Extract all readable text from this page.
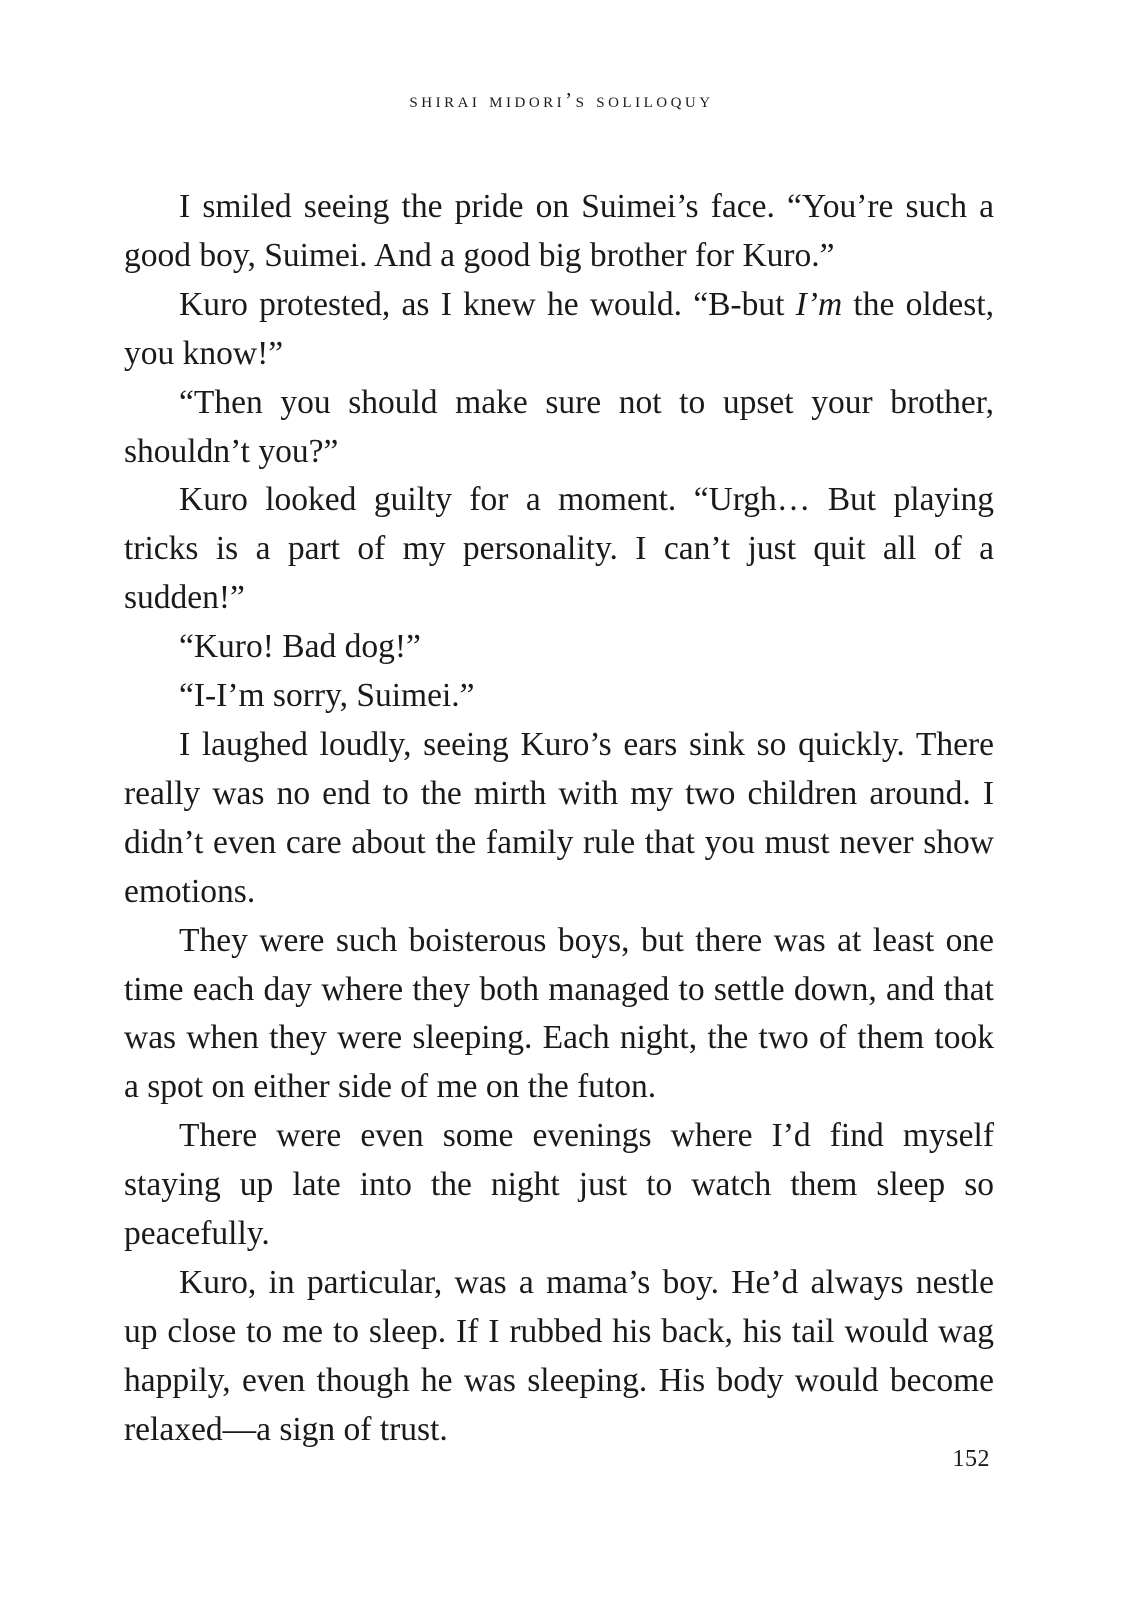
shirai midori’s soliloquy

I smiled seeing the pride on Suimei’s face. “You’re such a good boy, Suimei. And a good big brother for Kuro.”

Kuro protested, as I knew he would. “B-but I’m the oldest, you know!”

“Then you should make sure not to upset your brother, shouldn’t you?”

Kuro looked guilty for a moment. “Urgh… But playing tricks is a part of my personality. I can’t just quit all of a sudden!”

“Kuro! Bad dog!”

“I-I’m sorry, Suimei.”

I laughed loudly, seeing Kuro’s ears sink so quickly. There really was no end to the mirth with my two children around. I didn’t even care about the family rule that you must never show emotions.

They were such boisterous boys, but there was at least one time each day where they both managed to settle down, and that was when they were sleeping. Each night, the two of them took a spot on either side of me on the futon.

There were even some evenings where I’d find myself staying up late into the night just to watch them sleep so peacefully.

Kuro, in particular, was a mama’s boy. He’d always nestle up close to me to sleep. If I rubbed his back, his tail would wag happily, even though he was sleeping. His body would become relaxed—a sign of trust.

152
